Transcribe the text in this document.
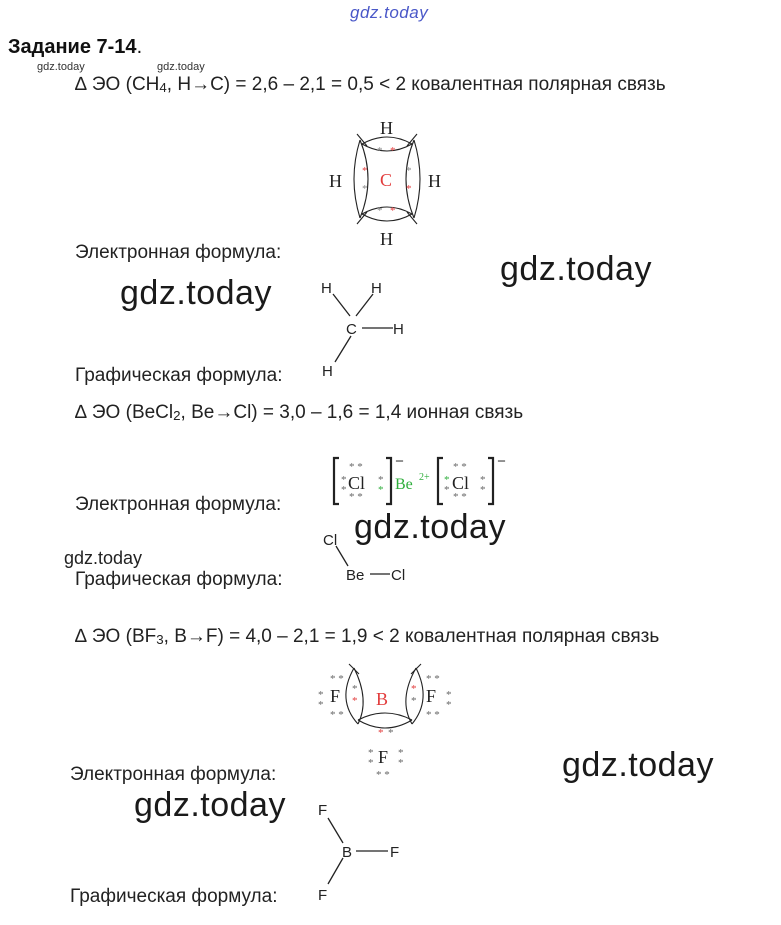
gdz.today
Задание 7-14.
gdz.today	gdz.today
∆ ЭО ($CH_4$, H→C) = 2,6 – 2,1 = 0,5 < 2 ковалентная полярная связь
H
H
H	H
C
* *
* *
*
*
*
*
Электронная формула:	gdz.today
gdz.today	H	H
C H
H
Графическая формула:
∆ ЭО (BeCl$_2$, Be→Cl) = 3,0 – 1,6 = 1,4 ионная связь
–	–
* *
* *
*
*
*
*
Cl Be 2+
* *
* *
*
*
*
*
Cl
Электронная формула:
gdz.today
gdz.today
Cl
Be Cl
Графическая формула:
∆ ЭО ($BF_3$, B→F) = 4,0 – 2,1 = 1,9 < 2 ковалентная полярная связь
B
F	F
F
* *
* *
*
*
*
*
* *
* *
*
*
*
*
* *
*
*
*
*
* *
Электронная формула:	gdz.today
gdz.today F
B	F
F
Графическая формула:
